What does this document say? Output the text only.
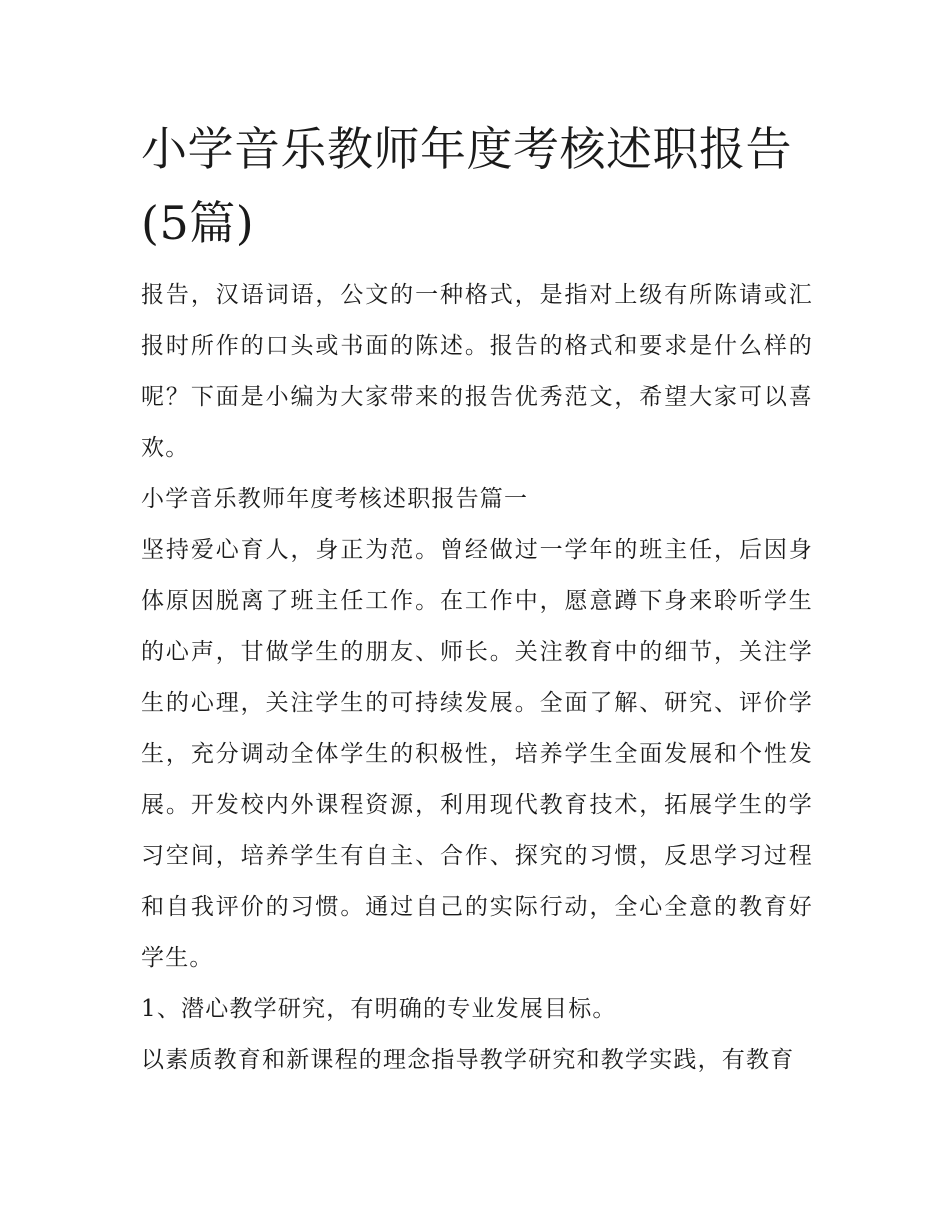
小学音乐教师年度考核述职报告(5篇)

报告，汉语词语，公文的一种格式，是指对上级有所陈请或汇报时所作的口头或书面的陈述。报告的格式和要求是什么样的呢？下面是小编为大家带来的报告优秀范文，希望大家可以喜欢。

小学音乐教师年度考核述职报告篇一

坚持爱心育人，身正为范。曾经做过一学年的班主任，后因身体原因脱离了班主任工作。在工作中，愿意蹲下身来聆听学生的心声，甘做学生的朋友、师长。关注教育中的细节，关注学生的心理，关注学生的可持续发展。全面了解、研究、评价学生，充分调动全体学生的积极性，培养学生全面发展和个性发展。开发校内外课程资源，利用现代教育技术，拓展学生的学习空间，培养学生有自主、合作、探究的习惯，反思学习过程和自我评价的习惯。通过自己的实际行动，全心全意的教育好学生。

1、潜心教学研究，有明确的专业发展目标。

以素质教育和新课程的理念指导教学研究和教学实践，有教育
